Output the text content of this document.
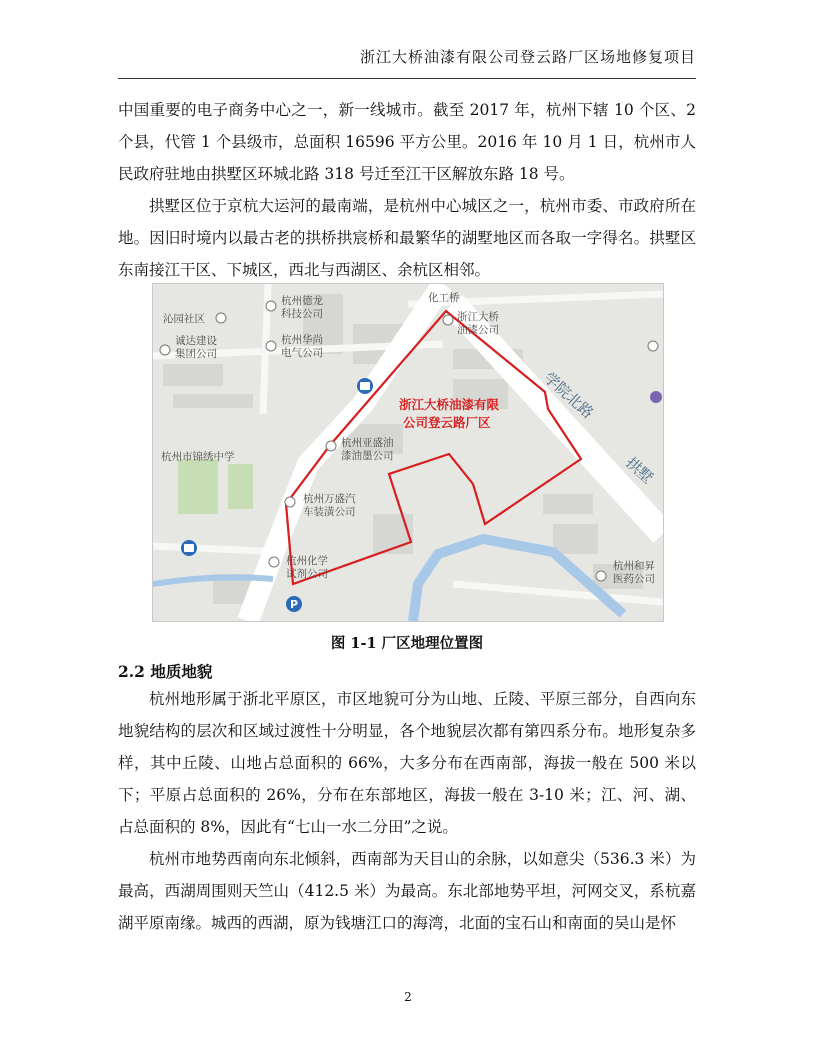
浙江大桥油漆有限公司登云路厂区场地修复项目

中国重要的电子商务中心之一，新一线城市。截至 2017 年，杭州下辖 10 个区、2 个县，代管 1 个县级市，总面积 16596 平方公里。2016 年 10 月 1 日，杭州市人民政府驻地由拱墅区环城北路 318 号迁至江干区解放东路 18 号。

拱墅区位于京杭大运河的最南端，是杭州中心城区之一，杭州市委、市政府所在地。因旧时境内以最古老的拱桥拱宸桥和最繁华的湖墅地区而各取一字得名。拱墅区东南接江干区、下城区，西北与西湖区、余杭区相邻。

P
沁园社区
杭州德龙
科技公司
诚达建设
集团公司
杭州华尚
电气公司
化工桥
浙江大桥
油漆公司
浙江大桥油漆有限
公司登云路厂区
杭州亚盛油
漆油墨公司
杭州市锦绣中学
杭州万盛汽
车装潢公司
杭州化学
试剂公司
杭州和昇
医药公司
学院北路
拱墅
图 1-1 厂区地理位置图
2.2 地质地貌

杭州地形属于浙北平原区，市区地貌可分为山地、丘陵、平原三部分，自西向东地貌结构的层次和区域过渡性十分明显，各个地貌层次都有第四系分布。地形复杂多样，其中丘陵、山地占总面积的 66%，大多分布在西南部，海拔一般在 500 米以下；平原占总面积的 26%，分布在东部地区，海拔一般在 3-10 米；江、河、湖、占总面积的 8%，因此有“七山一水二分田”之说。

杭州市地势西南向东北倾斜，西南部为天目山的余脉，以如意尖（536.3 米）为最高，西湖周围则天竺山（412.5 米）为最高。东北部地势平坦，河网交叉，系杭嘉湖平原南缘。城西的西湖，原为钱塘江口的海湾，北面的宝石山和南面的吴山是怀

2
